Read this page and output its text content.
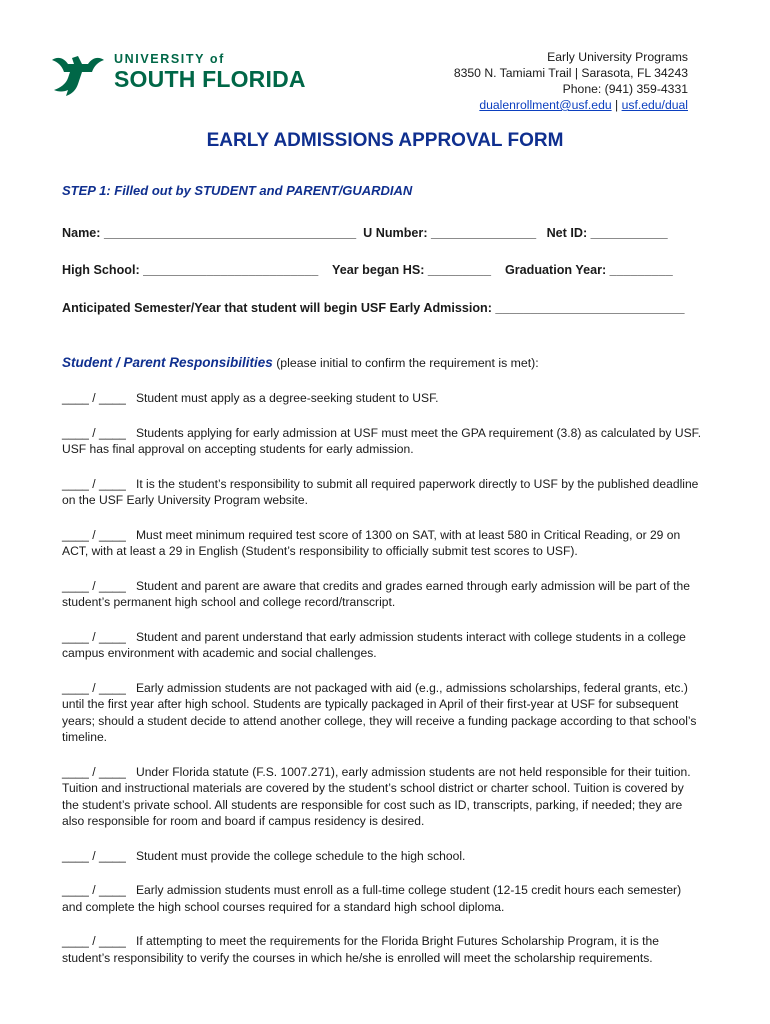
UNIVERSITY of
SOUTH FLORIDA
Early University Programs
8350 N. Tamiami Trail | Sarasota, FL 34243
Phone: (941) 359-4331
dualenrollment@usf.edu | usf.edu/dual
EARLY ADMISSIONS APPROVAL FORM
STEP 1: Filled out by STUDENT and PARENT/GUARDIAN
Name: ____________________________________  U Number: _______________   Net ID: ___________
High School: _________________________    Year began HS: _________    Graduation Year: _________
Anticipated Semester/Year that student will begin USF Early Admission: ___________________________
Student / Parent Responsibilities (please initial to confirm the requirement is met):
____ / ____   Student must apply as a degree-seeking student to USF.
____ / ____   Students applying for early admission at USF must meet the GPA requirement (3.8) as calculated by USF. USF has final approval on accepting students for early admission.
____ / ____   It is the student’s responsibility to submit all required paperwork directly to USF by the published deadline on the USF Early University Program website.
____ / ____   Must meet minimum required test score of 1300 on SAT, with at least 580 in Critical Reading, or 29 on ACT, with at least a 29 in English (Student’s responsibility to officially submit test scores to USF).
____ / ____   Student and parent are aware that credits and grades earned through early admission will be part of the student’s permanent high school and college record/transcript.
____ / ____   Student and parent understand that early admission students interact with college students in a college campus environment with academic and social challenges.
____ / ____   Early admission students are not packaged with aid (e.g., admissions scholarships, federal grants, etc.) until the first year after high school. Students are typically packaged in April of their first-year at USF for subsequent years; should a student decide to attend another college, they will receive a funding package according to that school’s timeline.
____ / ____   Under Florida statute (F.S. 1007.271), early admission students are not held responsible for their tuition. Tuition and instructional materials are covered by the student’s school district or charter school. Tuition is covered by the student’s private school. All students are responsible for cost such as ID, transcripts, parking, if needed; they are also responsible for room and board if campus residency is desired.
____ / ____   Student must provide the college schedule to the high school.
____ / ____   Early admission students must enroll as a full-time college student (12-15 credit hours each semester) and complete the high school courses required for a standard high school diploma.
____ / ____   If attempting to meet the requirements for the Florida Bright Futures Scholarship Program, it is the student’s responsibility to verify the courses in which he/she is enrolled will meet the scholarship requirements.
